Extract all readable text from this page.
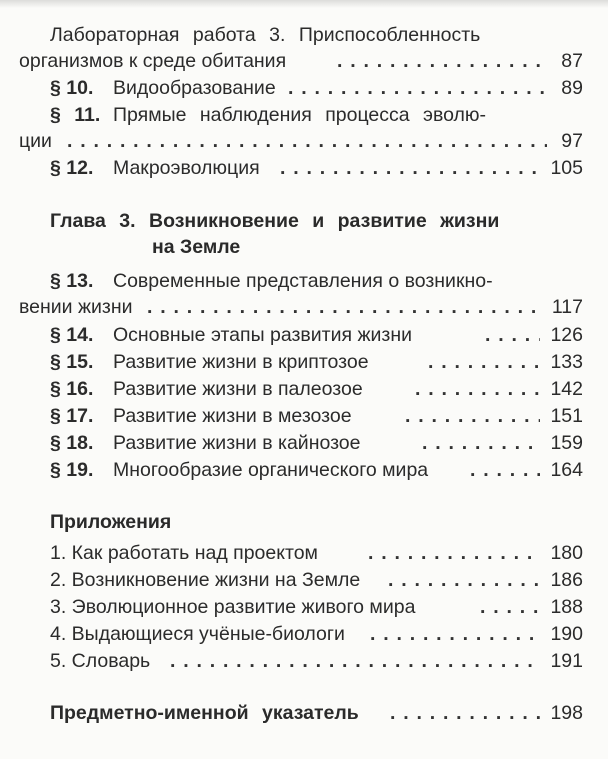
Лабораторная работа 3. Приспособленность
организмов к среде обитания . . .	87
§ 10. Видообразование . . .	89
§ 11. Прямые наблюдения процесса эволю-
ции . . .	97
§ 12. Макроэволюция . . .	105
Глава 3. Возникновение и развитие жизни
на Земле
§ 13. Современные представления о возникно-
вении жизни . . .	117
§ 14. Основные этапы развития жизни . . .	126
§ 15. Развитие жизни в криптозое . . .	133
§ 16. Развитие жизни в палеозое . . .	142
§ 17. Развитие жизни в мезозое . . .	151
§ 18. Развитие жизни в кайнозое . . .	159
§ 19. Многообразие органического мира . . .	164
Приложения
1. Как работать над проектом . . .	180
2. Возникновение жизни на Земле . . .	186
3. Эволюционное развитие живого мира . . .	188
4. Выдающиеся учёные-биологи . . .	190
5. Словарь . . .	191
Предметно-именной указатель . . .	198
